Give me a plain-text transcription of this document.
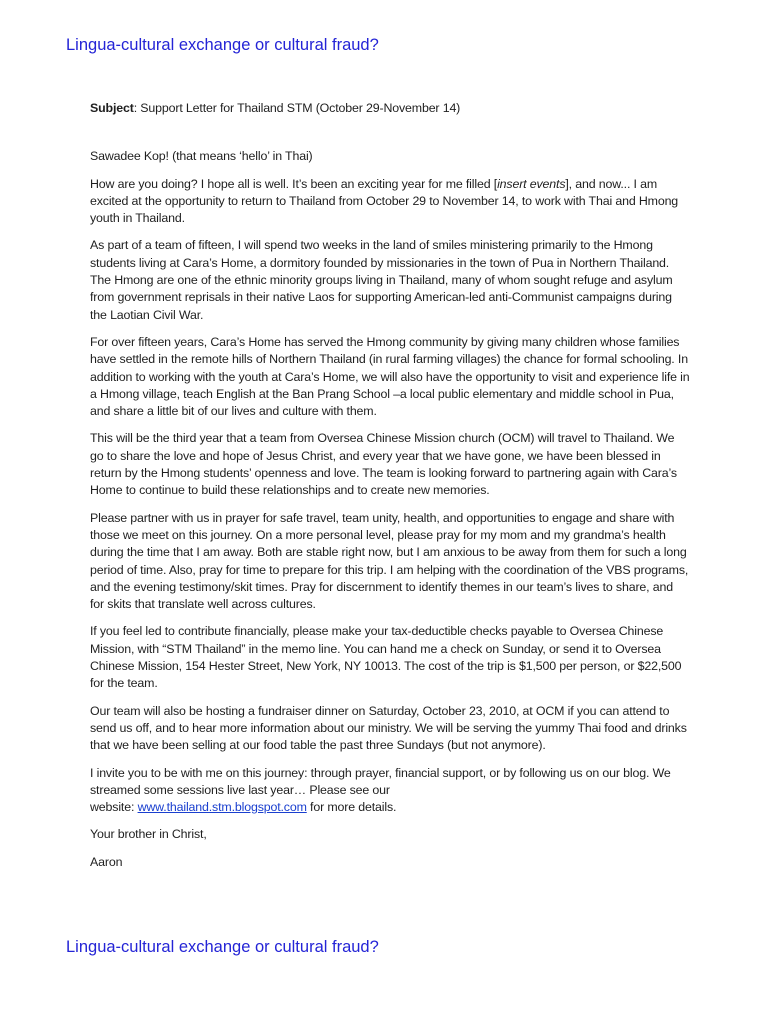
Lingua-cultural exchange or cultural fraud?

Subject: Support Letter for Thailand STM (October 29-November 14)

Sawadee Kop! (that means ‘hello’ in Thai)

How are you doing? I hope all is well. It’s been an exciting year for me filled [insert events], and now... I am excited at the opportunity to return to Thailand from October 29 to November 14, to work with Thai and Hmong youth in Thailand.

As part of a team of fifteen, I will spend two weeks in the land of smiles ministering primarily to the Hmong students living at Cara’s Home, a dormitory founded by missionaries in the town of Pua in Northern Thailand. The Hmong are one of the ethnic minority groups living in Thailand, many of whom sought refuge and asylum from government reprisals in their native Laos for supporting American-led anti-Communist campaigns during the Laotian Civil War.

For over fifteen years, Cara’s Home has served the Hmong community by giving many children whose families have settled in the remote hills of Northern Thailand (in rural farming villages) the chance for formal schooling. In addition to working with the youth at Cara’s Home, we will also have the opportunity to visit and experience life in a Hmong village, teach English at the Ban Prang School –a local public elementary and middle school in Pua, and share a little bit of our lives and culture with them.

This will be the third year that a team from Oversea Chinese Mission church (OCM) will travel to Thailand. We go to share the love and hope of Jesus Christ, and every year that we have gone, we have been blessed in return by the Hmong students’ openness and love. The team is looking forward to partnering again with Cara’s Home to continue to build these relationships and to create new memories.

Please partner with us in prayer for safe travel, team unity, health, and opportunities to engage and share with those we meet on this journey. On a more personal level, please pray for my mom and my grandma’s health during the time that I am away. Both are stable right now, but I am anxious to be away from them for such a long period of time. Also, pray for time to prepare for this trip. I am helping with the coordination of the VBS programs, and the evening testimony/skit times. Pray for discernment to identify themes in our team’s lives to share, and for skits that translate well across cultures.

If you feel led to contribute financially, please make your tax-deductible checks payable to Oversea Chinese Mission, with “STM Thailand” in the memo line. You can hand me a check on Sunday, or send it to Oversea Chinese Mission, 154 Hester Street, New York, NY 10013. The cost of the trip is $1,500 per person, or $22,500 for the team.

Our team will also be hosting a fundraiser dinner on Saturday, October 23, 2010, at OCM if you can attend to send us off, and to hear more information about our ministry. We will be serving the yummy Thai food and drinks that we have been selling at our food table the past three Sundays (but not anymore).

I invite you to be with me on this journey: through prayer, financial support, or by following us on our blog. We streamed some sessions live last year… Please see our
website: www.thailand.stm.blogspot.com for more details.

Your brother in Christ,

Aaron

Lingua-cultural exchange or cultural fraud?
